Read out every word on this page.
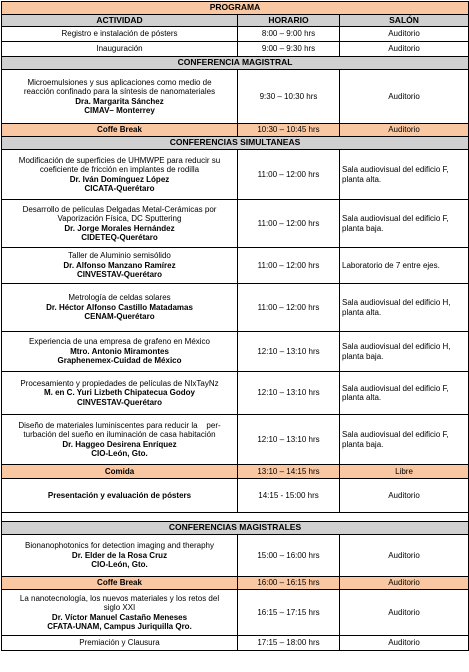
PROGRAMA		
ACTIVIDAD	HORARIO	SALÓN
Registro e instalación de pósters	8:00 – 9:00 hrs	Auditorio
Inauguración	9:00 – 9:30 hrs	Auditorio
CONFERENCIA MAGISTRAL		

Microemulsiones y sus aplicaciones como medio de
reacción confinado para la síntesis de nanomateriales
Dra. Margarita Sánchez
CIMAV– Monterrey	9:30 – 10:30 hrs	Auditorio
Coffe Break	10:30 – 10:45 hrs	Auditorio
CONFERENCIAS SIMULTANEAS		

Modificación de superficies de UHMWPE para reducir su
coeficiente de fricción en implantes de rodilla
Dr. Iván Domínguez López
CICATA-Querétaro	11:00 – 12:00 hrs	Sala audiovisual del edificio F,
planta alta.

Desarrollo de películas Delgadas Metal-Cerámicas por
Vaporización Física, DC Sputtering
Dr. Jorge Morales Hernández
CIDETEQ-Querétaro	11:00 – 12:00 hrs	Sala audiovisual del edificio F,
planta baja.

Taller de Aluminio semisólido
Dr. Alfonso Manzano Ramírez
CINVESTAV-Querétaro	11:00 – 12:00 hrs	Laboratorio de 7 entre ejes.

Metrología de celdas solares
Dr. Héctor Alfonso Castillo Matadamas
CENAM-Querétaro	11:00 – 12:00 hrs	Sala audiovisual del edificio H,
planta alta.

Experiencia de una empresa de grafeno en México
Mtro. Antonio Miramontes
Graphenemex-Cuidad de México	12:10 – 13:10 hrs	Sala audiovisual del edificio H,
planta baja.

Procesamiento y propiedades de películas de NIxTayNz
M. en C. Yuri Lizbeth Chipatecua Godoy
CINVESTAV-Querétaro	12:10 – 13:10 hrs	Sala audiovisual del edificio F,
planta alta.

Diseño de materiales luminiscentes para reducir la    per-
turbación del sueño en iluminación de casa habitación
Dr. Haggeo Desirena Enríquez
CIO-León, Gto.	12:10 – 13:10 hrs	Sala audiovisual del edificio F,
planta baja.

Comida	13:10 – 14:15 hrs	Libre
Presentación y evaluación de pósters	14:15 - 15:00 hrs	Auditorio

CONFERENCIAS MAGISTRALES		

Bionanophotonics for detection imaging and theraphy
Dr. Elder de la Rosa Cruz
CIO-León, Gto.	15:00 – 16:00 hrs	Auditorio
Coffe Break	16:00 – 16:15 hrs	Auditorio

La nanotecnología, los nuevos materiales y los retos del
siglo XXI
Dr. Víctor Manuel Castaño Meneses
CFATA-UNAM, Campus Juriquilla Qro.	16:15 – 17:15 hrs	Auditorio
Premiación y Clausura	17:15 – 18:00 hrs	Auditorio
